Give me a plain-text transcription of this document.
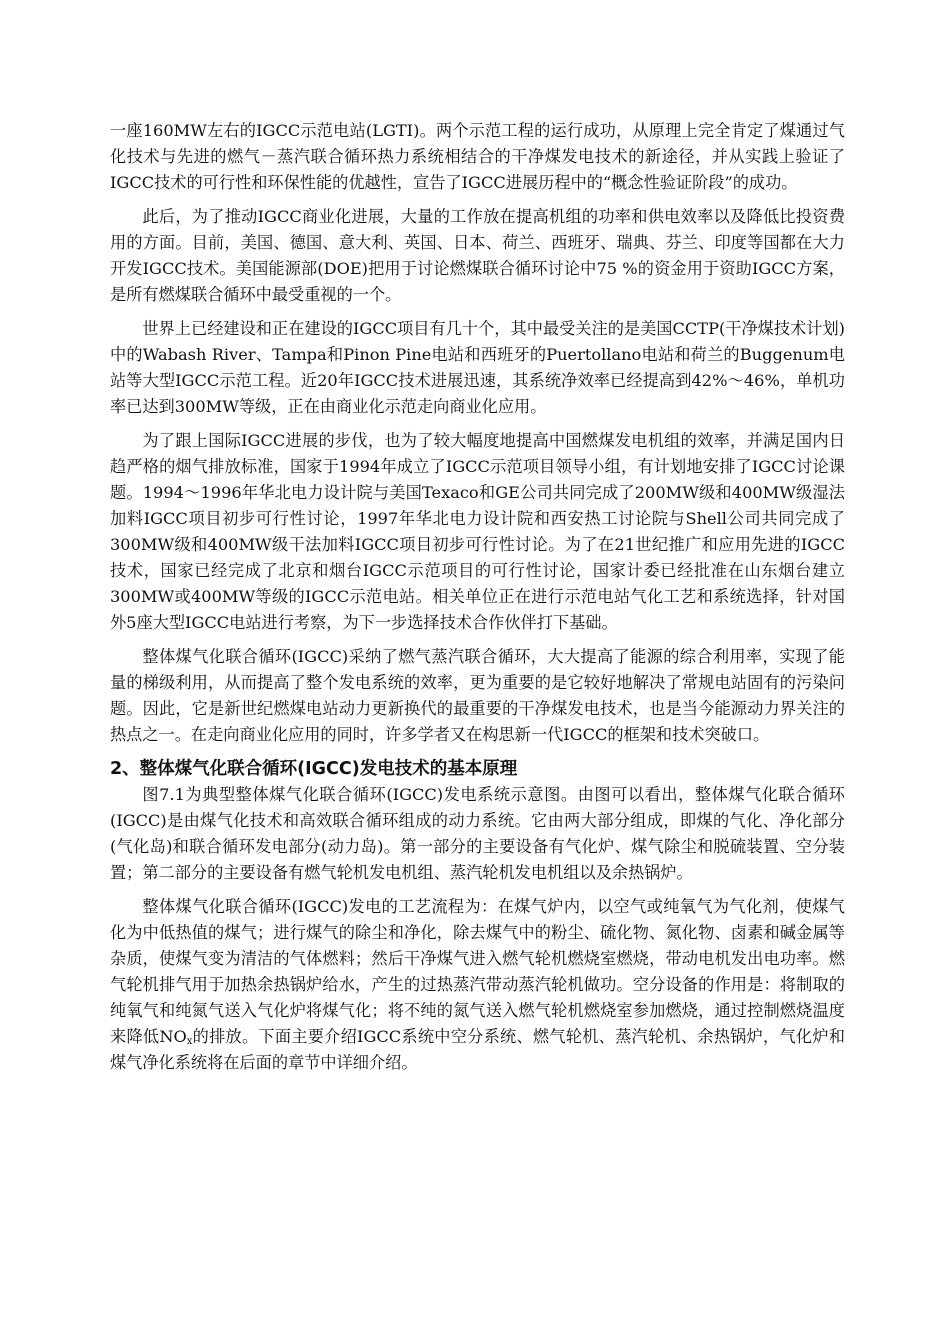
一座160MW左右的IGCC示范电站(LGTI)。两个示范工程的运行成功，从原理上完全肯定了煤通过气化技术与先进的燃气－蒸汽联合循环热力系统相结合的干净煤发电技术的新途径，并从实践上验证了IGCC技术的可行性和环保性能的优越性，宣告了IGCC进展历程中的“概念性验证阶段”的成功。

此后，为了推动IGCC商业化进展，大量的工作放在提高机组的功率和供电效率以及降低比投资费用的方面。目前，美国、德国、意大利、英国、日本、荷兰、西班牙、瑞典、芬兰、印度等国都在大力开发IGCC技术。美国能源部(DOE)把用于讨论燃煤联合循环讨论中75 %的资金用于资助IGCC方案，是所有燃煤联合循环中最受重视的一个。

世界上已经建设和正在建设的IGCC项目有几十个，其中最受关注的是美国CCTP(干净煤技术计划)中的Wabash River、Tampa和Pinon Pine电站和西班牙的Puertollano电站和荷兰的Buggenum电站等大型IGCC示范工程。近20年IGCC技术进展迅速，其系统净效率已经提高到42%～46%，单机功率已达到300MW等级，正在由商业化示范走向商业化应用。

为了跟上国际IGCC进展的步伐，也为了较大幅度地提高中国燃煤发电机组的效率，并满足国内日趋严格的烟气排放标准，国家于1994年成立了IGCC示范项目领导小组，有计划地安排了IGCC讨论课题。1994～1996年华北电力设计院与美国Texaco和GE公司共同完成了200MW级和400MW级湿法加料IGCC项目初步可行性讨论，1997年华北电力设计院和西安热工讨论院与Shell公司共同完成了300MW级和400MW级干法加料IGCC项目初步可行性讨论。为了在21世纪推广和应用先进的IGCC技术，国家已经完成了北京和烟台IGCC示范项目的可行性讨论，国家计委已经批准在山东烟台建立300MW或400MW等级的IGCC示范电站。相关单位正在进行示范电站气化工艺和系统选择，针对国外5座大型IGCC电站进行考察，为下一步选择技术合作伙伴打下基础。

整体煤气化联合循环(IGCC)采纳了燃气蒸汽联合循环，大大提高了能源的综合利用率，实现了能量的梯级利用，从而提高了整个发电系统的效率，更为重要的是它较好地解决了常规电站固有的污染问题。因此，它是新世纪燃煤电站动力更新换代的最重要的干净煤发电技术，也是当今能源动力界关注的热点之一。在走向商业化应用的同时，许多学者又在构思新一代IGCC的框架和技术突破口。

2、整体煤气化联合循环(IGCC)发电技术的基本原理

图7.1为典型整体煤气化联合循环(IGCC)发电系统示意图。由图可以看出，整体煤气化联合循环(IGCC)是由煤气化技术和高效联合循环组成的动力系统。它由两大部分组成，即煤的气化、净化部分(气化岛)和联合循环发电部分(动力岛)。第一部分的主要设备有气化炉、煤气除尘和脱硫装置、空分装置；第二部分的主要设备有燃气轮机发电机组、蒸汽轮机发电机组以及余热锅炉。

整体煤气化联合循环(IGCC)发电的工艺流程为：在煤气炉内，以空气或纯氧气为气化剂，使煤气化为中低热值的煤气；进行煤气的除尘和净化，除去煤气中的粉尘、硫化物、氮化物、卤素和碱金属等杂质，使煤气变为清洁的气体燃料；然后干净煤气进入燃气轮机燃烧室燃烧，带动电机发出电功率。燃气轮机排气用于加热余热锅炉给水，产生的过热蒸汽带动蒸汽轮机做功。空分设备的作用是：将制取的纯氧气和纯氮气送入气化炉将煤气化；将不纯的氮气送入燃气轮机燃烧室参加燃烧，通过控制燃烧温度来降低$NO_x$的排放。下面主要介绍IGCC系统中空分系统、燃气轮机、蒸汽轮机、余热锅炉，气化炉和煤气净化系统将在后面的章节中详细介绍。
